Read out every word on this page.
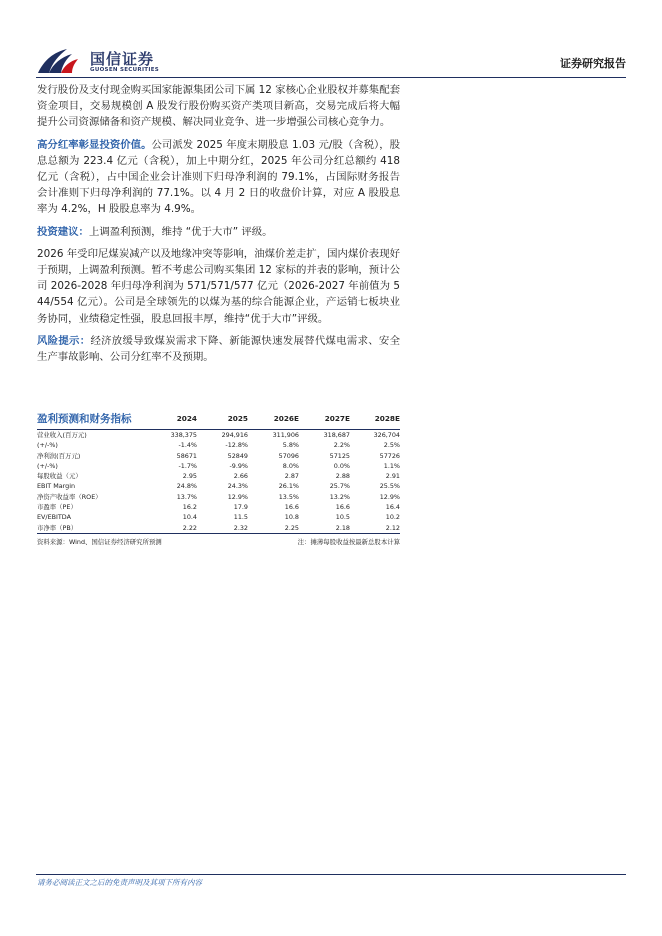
国信证券
GUOSEN SECURITIES	证券研究报告

发行股份及支付现金购买国家能源集团公司下属 12 家核心企业股权并募集配套资金项目，交易规模创 A 股发行股份购买资产类项目新高，交易完成后将大幅提升公司资源储备和资产规模、解决同业竞争、进一步增强公司核心竞争力。

高分红率彰显投资价值。公司派发 2025 年度末期股息 1.03 元/股（含税），股息总额为 223.4 亿元（含税），加上中期分红，2025 年公司分红总额约 418 亿元（含税），占中国企业会计准则下归母净利润的 79.1%，占国际财务报告会计准则下归母净利润的 77.1%。以 4 月 2 日的收盘价计算，对应 A 股股息率为 4.2%，H 股股息率为 4.9%。

投资建议：上调盈利预测，维持 “优于大市” 评级。

2026 年受印尼煤炭减产以及地缘冲突等影响，油煤价差走扩，国内煤价表现好于预期，上调盈利预测。暂不考虑公司购买集团 12 家标的并表的影响，预计公司 2026-2028 年归母净利润为 571/571/577 亿元（2026-2027 年前值为 544/554 亿元）。公司是全球领先的以煤为基的综合能源企业，产运销七板块业务协同，业绩稳定性强，股息回报丰厚，维持“优于大市”评级。

风险提示：经济放缓导致煤炭需求下降、新能源快速发展替代煤电需求、安全生产事故影响、公司分红率不及预期。

盈利预测和财务指标	2024	2025	2026E	2027E	2028E
营业收入(百万元)	338,375	294,916	311,906	318,687	326,704
(+/-%)	-1.4%	-12.8%	5.8%	2.2%	2.5%
净利润(百万元)	58671	52849	57096	57125	57726
(+/-%)	-1.7%	-9.9%	8.0%	0.0%	1.1%
每股收益（元）	2.95	2.66	2.87	2.88	2.91
EBIT Margin	24.8%	24.3%	26.1%	25.7%	25.5%
净资产收益率（ROE）	13.7%	12.9%	13.5%	13.2%	12.9%
市盈率（PE）	16.2	17.9	16.6	16.6	16.4
EV/EBITDA	10.4	11.5	10.8	10.5	10.2
市净率（PB）	2.22	2.32	2.25	2.18	2.12
资料来源：Wind、国信证券经济研究所预测	注：摊薄每股收益按最新总股本计算
请务必阅读正文之后的免责声明及其项下所有内容
